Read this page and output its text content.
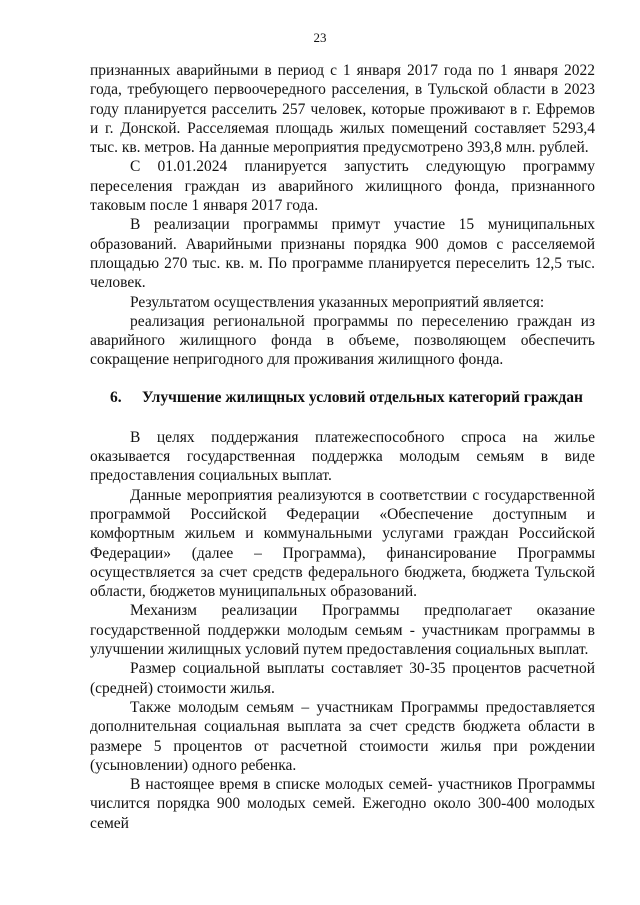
23

признанных аварийными в период с 1 января 2017 года по 1 января 2022 года, требующего первоочередного расселения, в Тульской области в 2023 году планируется расселить 257 человек, которые проживают в г. Ефремов и г. Донской. Расселяемая площадь жилых помещений составляет 5293,4 тыс. кв. метров. На данные мероприятия предусмотрено 393,8 млн. рублей.

С 01.01.2024 планируется запустить следующую программу переселения граждан из аварийного жилищного фонда, признанного таковым после 1 января 2017 года.

В реализации программы примут участие 15 муниципальных образований. Аварийными признаны порядка 900 домов с расселяемой площадью 270 тыс. кв. м. По программе планируется переселить 12,5 тыс. человек.

Результатом осуществления указанных мероприятий является:

реализация региональной программы по переселению граждан из аварийного жилищного фонда в объеме, позволяющем обеспечить сокращение непригодного для проживания жилищного фонда.

6.	Улучшение жилищных условий отдельных категорий граждан

В целях поддержания платежеспособного спроса на жилье оказывается государственная поддержка молодым семьям в виде предоставления социальных выплат.

Данные мероприятия реализуются в соответствии с государственной программой Российской Федерации «Обеспечение доступным и комфортным жильем и коммунальными услугами граждан Российской Федерации» (далее – Программа), финансирование Программы осуществляется за счет средств федерального бюджета, бюджета Тульской области, бюджетов муниципальных образований.

Механизм реализации Программы предполагает оказание государственной поддержки молодым семьям - участникам программы в улучшении жилищных условий путем предоставления социальных выплат.

Размер социальной выплаты составляет 30-35 процентов расчетной (средней) стоимости жилья.

Также молодым семьям – участникам Программы предоставляется дополнительная социальная выплата за счет средств бюджета области в размере 5 процентов от расчетной стоимости жилья при рождении (усыновлении) одного ребенка.

В настоящее время в списке молодых семей- участников Программы числится порядка 900 молодых семей. Ежегодно около 300-400 молодых семей
